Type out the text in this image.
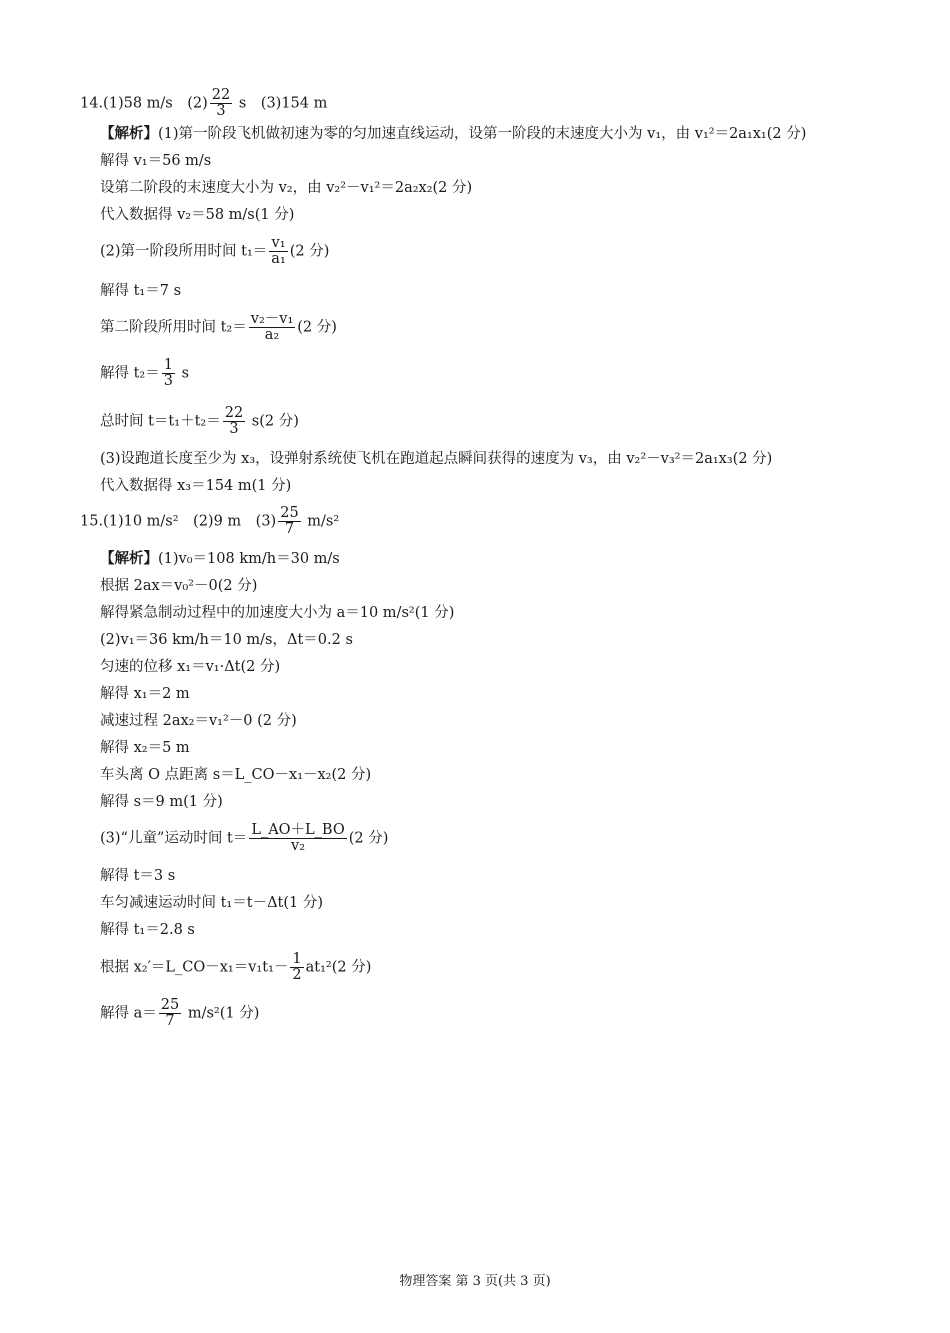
14.(1)58 m/s　$(2) \frac{22}{3}$ s　(3)154 m
【解析】(1)第一阶段飞机做初速为零的匀加速直线运动，设第一阶段的末速度大小为 v₁，由 v₁²＝2a₁x₁(2 分)
解得 v₁＝56 m/s
设第二阶段的末速度大小为 v₂，由 v₂²－v₁²＝2a₂x₂(2 分)
代入数据得 v₂＝58 m/s(1 分)
(2)第一阶段所用时间 $t_1= \frac{\text{v₁}}{\text{a₁}} (2$ 分)
解得 t₁＝7 s
第二阶段所用时间 $t_2= \frac{\text{v₂－v₁}}{\text{a₂}} (2$ 分)
解得 $t_2= \frac{1}{3}$ s
总时间 $t=t_1+t_2= \frac{22}{3} s(2$ 分)
(3)设跑道长度至少为 x₃，设弹射系统使飞机在跑道起点瞬间获得的速度为 v₃，由 v₂²－v₃²＝2a₁x₃(2 分)
代入数据得 x₃＝154 m(1 分)
15.(1)10 m/s²　(2)9 m　$(3) \frac{25}{7} m/s^2$
【解析】(1)v₀＝108 km/h＝30 m/s
根据 2ax＝v₀²－0(2 分)
解得紧急制动过程中的加速度大小为 a＝10 m/s²(1 分)
(2)v₁＝36 km/h＝10 m/s，Δt＝0.2 s
匀速的位移 x₁＝v₁·Δt(2 分)
解得 x₁＝2 m
减速过程 2ax₂＝v₁²－0 (2 分)
解得 x₂＝5 m
车头离 O 点距离 s＝L_CO－x₁－x₂(2 分)
解得 s＝9 m(1 分)
(3)“儿童”运动时间 $t= \frac{L\_AO+L\_BO}{\text{v₂}} (2$ 分)
解得 t＝3 s
车匀减速运动时间 t₁＝t－Δt(1 分)
解得 t₁＝2.8 s
根据 x₂′＝L_CO－x₁＝v₁t₁－ $\frac{1}{2} at_1^2(2$ 分)
解得 $a= \frac{25}{7} m/s^2(1$ 分)
物理答案 第 3 页(共 3 页)
